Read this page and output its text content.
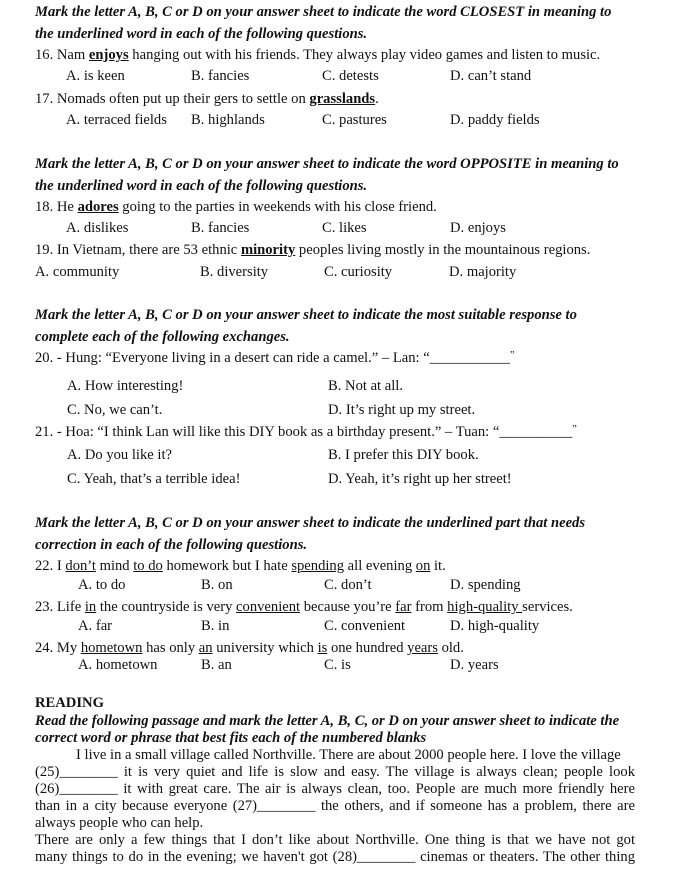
Mark the letter A, B, C or D on your answer sheet to indicate the word CLOSEST in meaning to
the underlined word in each of the following questions.
16. Nam enjoys hanging out with his friends. They always play video games and listen to music.
A. is keen	B. fancies	C. detests	D. can’t stand
17. Nomads often put up their gers to settle on grasslands.
A. terraced fields B. highlands	C. pastures	D. paddy fields
Mark the letter A, B, C or D on your answer sheet to indicate the word OPPOSITE in meaning to
the underlined word in each of the following questions.
18. He adores going to the parties in weekends with his close friend.
A. dislikes	B. fancies	C. likes	D. enjoys
19. In Vietnam, there are 53 ethnic minority peoples living mostly in the mountainous regions.
A. community	B. diversity	C. curiosity	D. majority
Mark the letter A, B, C or D on your answer sheet to indicate the most suitable response to
complete each of the following exchanges.
20. - Hung: “Everyone living in a desert can ride a camel.” – Lan: “___________”
A. How interesting!	B. Not at all.
C. No, we can’t.	D. It’s right up my street.
21. - Hoa: “I think Lan will like this DIY book as a birthday present.” – Tuan: “__________”
A. Do you like it?	B. I prefer this DIY book.
C. Yeah, that’s a terrible idea!	D. Yeah, it’s right up her street!
Mark the letter A, B, C or D on your answer sheet to indicate the underlined part that needs
correction in each of the following questions.
22. I don’t mind to do homework but I hate spending all evening on it.
A. to do	B. on	C. don’t	D. spending
23. Life in the countryside is very convenient because you’re far from high-quality services.
A. far	B. in	C. convenient	D. high-quality
24. My hometown has only an university which is one hundred years old.
A. hometown	B. an	C. is	D. years
READING
Read the following passage and mark the letter A, B, C, or D on your answer sheet to indicate the
correct word or phrase that best fits each of the numbered blanks
I live in a small village called Northville. There are about 2000 people here. I love the village
(25)________ it is very quiet and life is slow and easy. The village is always clean; people look
(26)________ it with great care. The air is always clean, too. People are much more friendly here
than in a city because everyone (27)________ the others, and if someone has a problem, there are
always people who can help.
There are only a few things that I don’t like about Northville. One thing is that we have not got
many things to do in the evening; we haven't got (28)________ cinemas or theaters. The other thing
